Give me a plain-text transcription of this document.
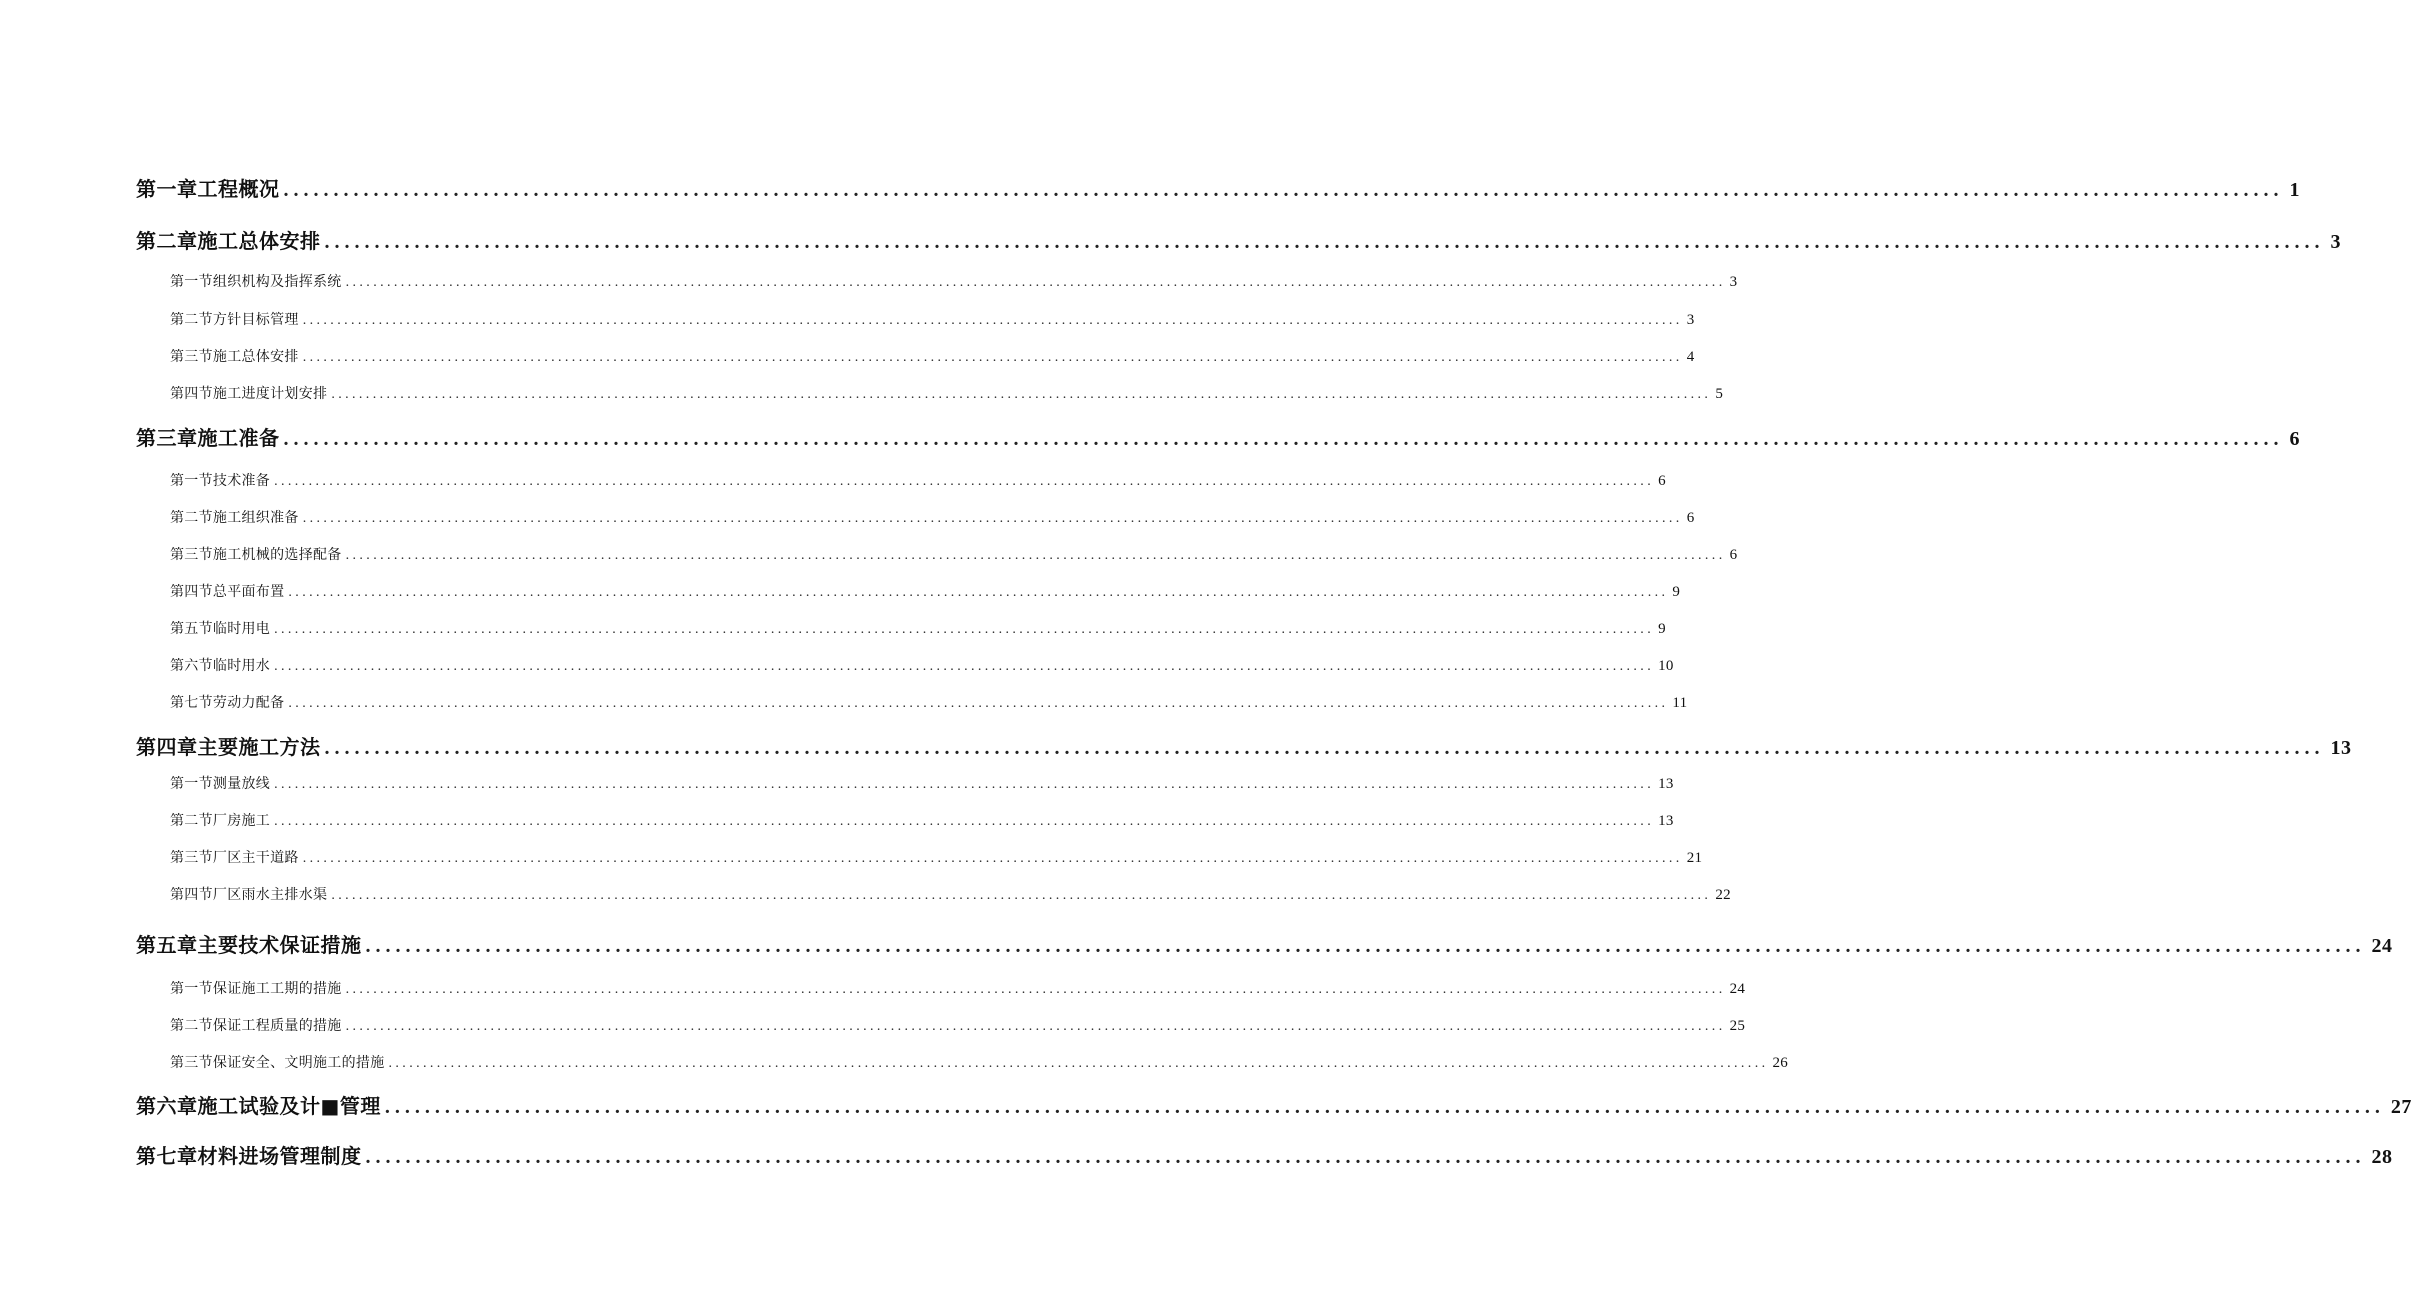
第一章工程概况 ........................................................................................................................................................................................................ 1
第二章施工总体安排 ........................................................................................................................................................................................................ 3
第一节组织机构及指挥系统 ........................................................................................................................................................................................................ 3
第二节方针目标管理 ........................................................................................................................................................................................................ 3
第三节施工总体安排 ........................................................................................................................................................................................................ 4
第四节施工进度计划安排 ........................................................................................................................................................................................................ 5
第三章施工准备 ........................................................................................................................................................................................................ 6
第一节技术准备 ........................................................................................................................................................................................................ 6
第二节施工组织准备 ........................................................................................................................................................................................................ 6
第三节施工机械的选择配备 ........................................................................................................................................................................................................ 6
第四节总平面布置 ........................................................................................................................................................................................................ 9
第五节临时用电 ........................................................................................................................................................................................................ 9
第六节临时用水 ........................................................................................................................................................................................................ 10
第七节劳动力配备 ........................................................................................................................................................................................................ 11
第四章主要施工方法 ........................................................................................................................................................................................................ 13
第一节测量放线 ........................................................................................................................................................................................................ 13
第二节厂房施工 ........................................................................................................................................................................................................ 13
第三节厂区主干道路 ........................................................................................................................................................................................................ 21
第四节厂区雨水主排水渠 ........................................................................................................................................................................................................ 22
第五章主要技术保证措施 ........................................................................................................................................................................................................ 24
第一节保证施工工期的措施 ........................................................................................................................................................................................................ 24
第二节保证工程质量的措施 ........................................................................................................................................................................................................ 25
第三节保证安全、文明施工的措施 ........................................................................................................................................................................................................ 26
第六章施工试验及计■管理 ........................................................................................................................................................................................................ 27
第七章材料进场管理制度 ........................................................................................................................................................................................................ 28
